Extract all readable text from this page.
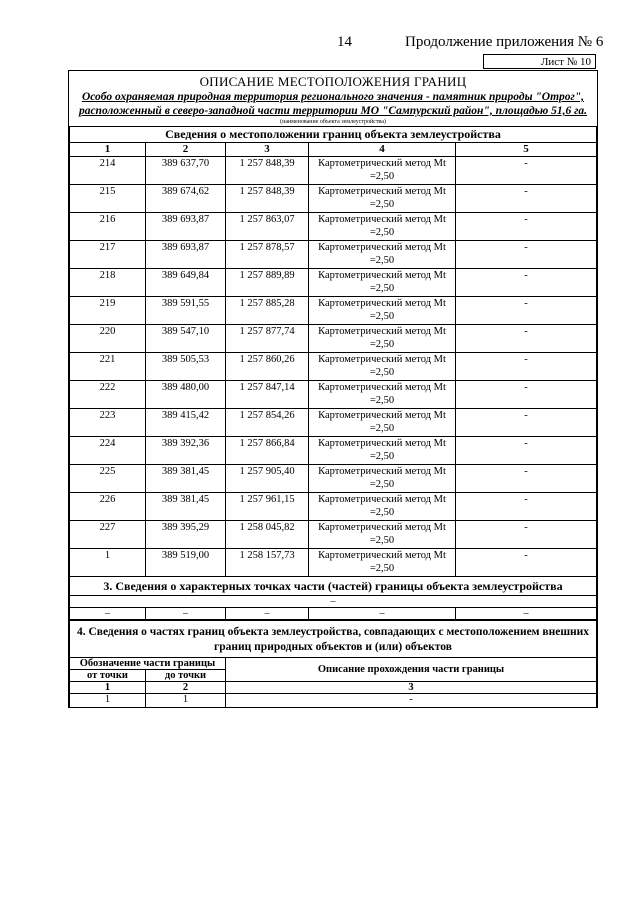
14	Продолжение приложения № 6
Лист № 10
ОПИСАНИЕ МЕСТОПОЛОЖЕНИЯ ГРАНИЦ
Особо охраняемая природная территория регионального значения - памятник природы "Отрог",
расположенный в северо-западной части территории МО "Сампурский район", площадью 51,6 га.
(наименование объекта землеустройства)
Сведения о местоположении границ объекта землеустройства				
1	2	3	4	5
214	389 637,70	1 257 848,39	Картометрический метод Mt =2,50	-
215	389 674,62	1 257 848,39	Картометрический метод Mt =2,50	-
216	389 693,87	1 257 863,07	Картометрический метод Mt =2,50	-
217	389 693,87	1 257 878,57	Картометрический метод Mt =2,50	-
218	389 649,84	1 257 889,89	Картометрический метод Mt =2,50	-
219	389 591,55	1 257 885,28	Картометрический метод Mt =2,50	-
220	389 547,10	1 257 877,74	Картометрический метод Mt =2,50	-
221	389 505,53	1 257 860,26	Картометрический метод Mt =2,50	-
222	389 480,00	1 257 847,14	Картометрический метод Mt =2,50	-
223	389 415,42	1 257 854,26	Картометрический метод Mt =2,50	-
224	389 392,36	1 257 866,84	Картометрический метод Mt =2,50	-
225	389 381,45	1 257 905,40	Картометрический метод Mt =2,50	-
226	389 381,45	1 257 961,15	Картометрический метод Mt =2,50	-
227	389 395,29	1 258 045,82	Картометрический метод Mt =2,50	-
1	389 519,00	1 258 157,73	Картометрический метод Mt =2,50	-
3. Сведения о характерных точках части (частей) границы объекта землеустройства				
–				
–	–	–	–	–
4. Сведения о частях границ объекта землеустройства, совпадающих с местоположением внешних границ природных объектов и (или) объектов		
Обозначение части границы		Описание прохождения части границы
от точки	до точки	
1	2	3
1	1	-
